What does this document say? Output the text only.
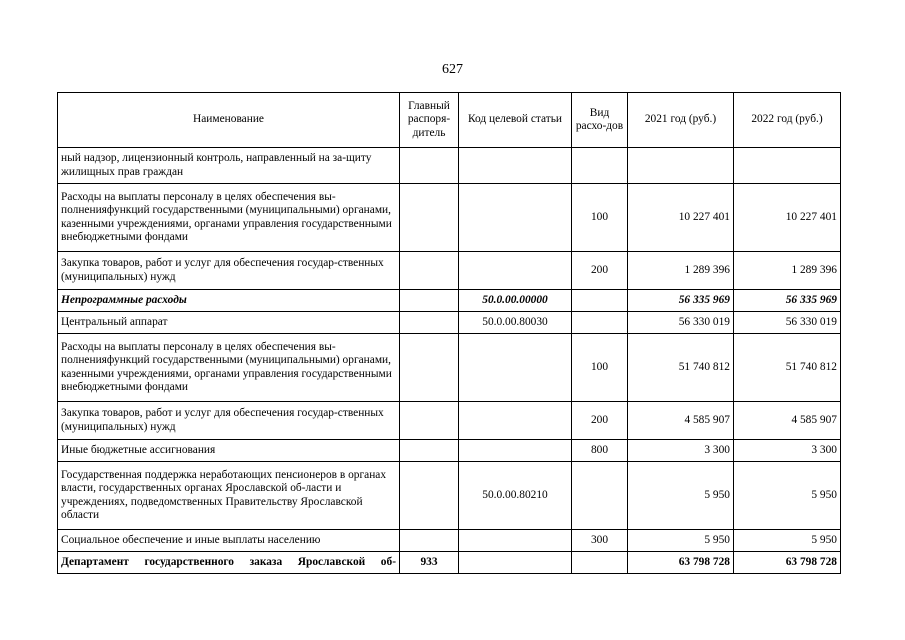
627
Наименование	Главный распоря-дитель	Код целевой статьи	Вид расхо-дов	2021 год (руб.)	2022 год (руб.)
ный надзор, лицензионный контроль, направленный на за-щиту жилищных прав граждан					
Расходы на выплаты персоналу в целях обеспечения вы-полненияфункций государственными (муниципальными) органами, казенными учреждениями, органами управления государственными внебюджетными фондами			100	10 227 401	10 227 401
Закупка товаров, работ и услуг для обеспечения государ-ственных (муниципальных) нужд			200	1 289 396	1 289 396
Непрограммные расходы		50.0.00.00000		56 335 969	56 335 969
Центральный аппарат		50.0.00.80030		56 330 019	56 330 019
Расходы на выплаты персоналу в целях обеспечения вы-полненияфункций государственными (муниципальными) органами, казенными учреждениями, органами управления государственными внебюджетными фондами			100	51 740 812	51 740 812
Закупка товаров, работ и услуг для обеспечения государ-ственных (муниципальных) нужд			200	4 585 907	4 585 907
Иные бюджетные ассигнования			800	3 300	3 300
Государственная поддержка неработающих пенсионеров в органах власти, государственных органах Ярославской об-ласти и учреждениях, подведомственных Правительству Ярославской области		50.0.00.80210		5 950	5 950
Социальное обеспечение и иные выплаты населению			300	5 950	5 950
Департамент государственного заказа Ярославской об-	933			63 798 728	63 798 728
